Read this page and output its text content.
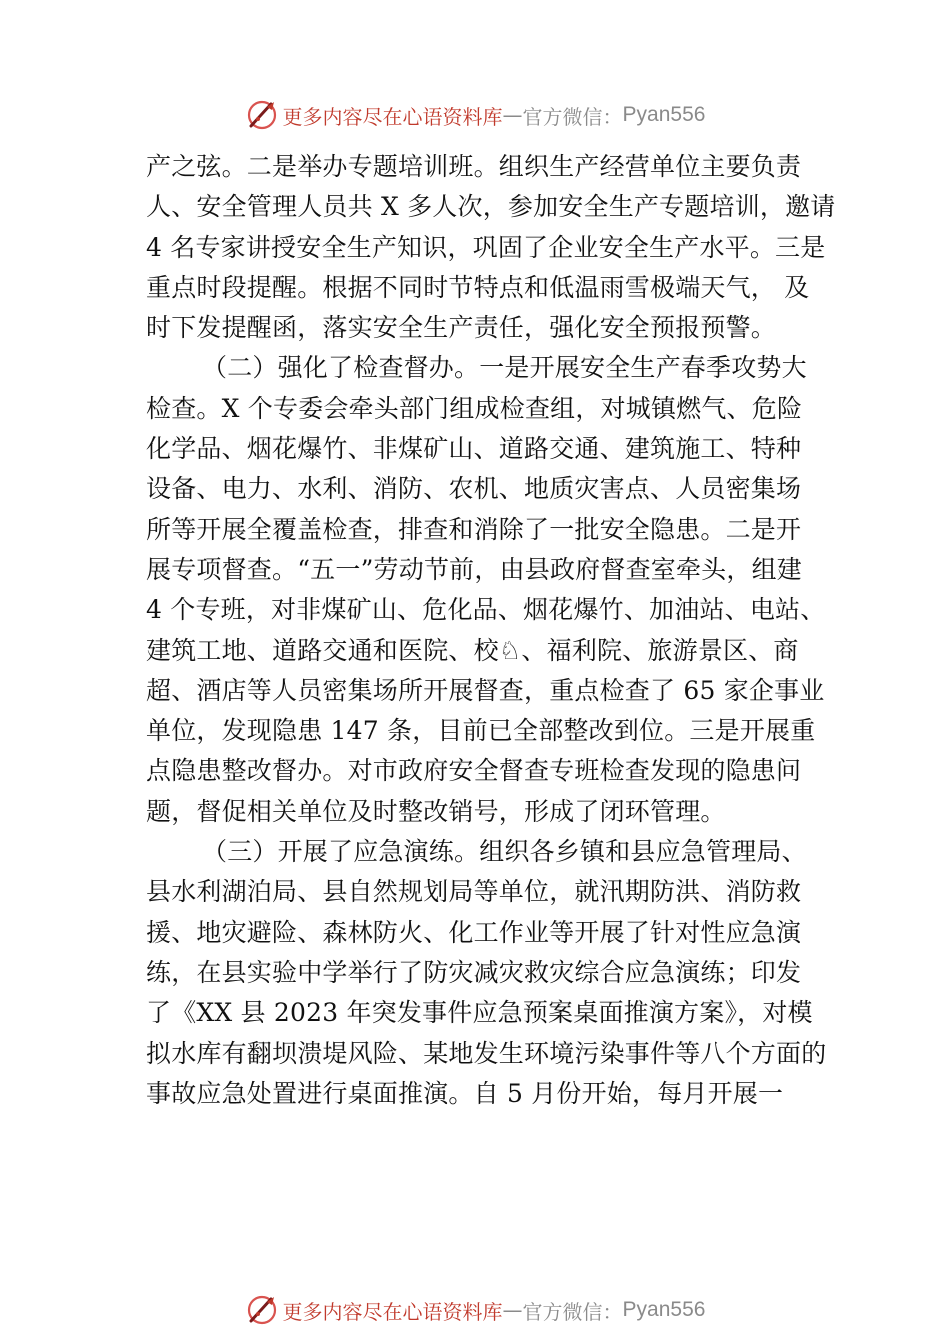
更多内容尽在心语资料库 — 官方微信： Pyan556
产之弦。二是举办专题培训班。组织生产经营单位主要负责
人、安全管理人员共 X 多人次，参加安全生产专题培训，邀请
4 名专家讲授安全生产知识，巩固了企业安全生产水平。三是
重点时段提醒。根据不同时节特点和低温雨雪极端天气， 及
时下发提醒函，落实安全生产责任，强化安全预报预警。
（二）强化了检查督办。一是开展安全生产春季攻势大
检查。X 个专委会牵头部门组成检查组，对城镇燃气、危险
化学品、烟花爆竹、非煤矿山、道路交通、建筑施工、特种
设备、电力、水利、消防、农机、地质灾害点、人员密集场
所等开展全覆盖检查，排查和消除了一批安全隐患。二是开
展专项督查。“五一”劳动节前，由县政府督查室牵头，组建
4 个专班，对非煤矿山、危化品、烟花爆竹、加油站、电站、
建筑工地、道路交通和医院、校♘、福利院、旅游景区、商
超、酒店等人员密集场所开展督查，重点检查了 65 家企事业
单位，发现隐患 147 条，目前已全部整改到位。三是开展重
点隐患整改督办。对市政府安全督查专班检查发现的隐患问
题，督促相关单位及时整改销号，形成了闭环管理。
（三）开展了应急演练。组织各乡镇和县应急管理局、
县水利湖泊局、县自然规划局等单位，就汛期防洪、消防救
援、地灾避险、森林防火、化工作业等开展了针对性应急演
练，在县实验中学举行了防灾减灾救灾综合应急演练；印发
了《XX 县 2023 年突发事件应急预案桌面推演方案》，对模
拟水库有翻坝溃堤风险、某地发生环境污染事件等八个方面的
事故应急处置进行桌面推演。自 5 月份开始，每月开展一
更多内容尽在心语资料库 — 官方微信： Pyan556
